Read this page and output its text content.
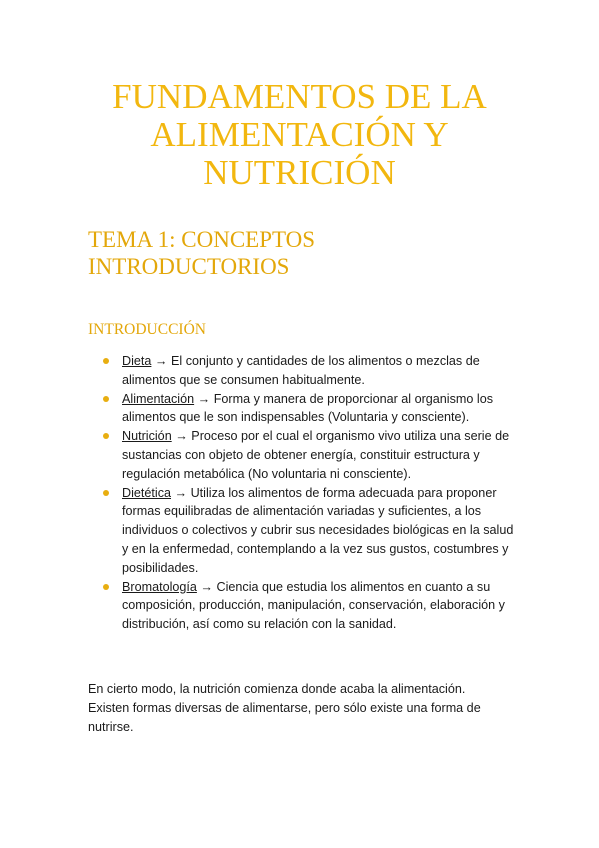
FUNDAMENTOS DE LA
ALIMENTACIÓN Y
NUTRICIÓN
TEMA 1: CONCEPTOS
INTRODUCTORIOS
INTRODUCCIÓN
Dieta → El conjunto y cantidades de los alimentos o mezclas de alimentos que se consumen habitualmente.
Alimentación → Forma y manera de proporcionar al organismo los alimentos que le son indispensables (Voluntaria y consciente).
Nutrición → Proceso por el cual el organismo vivo utiliza una serie de sustancias con objeto de obtener energía, constituir estructura y regulación metabólica (No voluntaria ni consciente).
Dietética → Utiliza los alimentos de forma adecuada para proponer formas equilibradas de alimentación variadas y suficientes, a los individuos o colectivos y cubrir sus necesidades biológicas en la salud y en la enfermedad, contemplando a la vez sus gustos, costumbres y posibilidades.
Bromatología → Ciencia que estudia los alimentos en cuanto a su composición, producción, manipulación, conservación, elaboración y distribución, así como su relación con la sanidad.

En cierto modo, la nutrición comienza donde acaba la alimentación.
Existen formas diversas de alimentarse, pero sólo existe una forma de
nutrirse.
